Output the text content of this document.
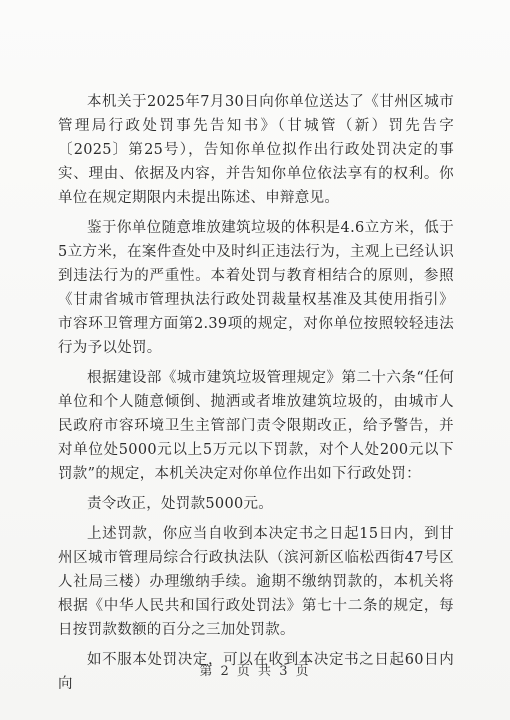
本机关于2025年7月30日向你单位送达了《甘州区城市管理局行政处罚事先告知书》（甘城管（新）罚先告字〔2025〕第25号），告知你单位拟作出行政处罚决定的事实、理由、依据及内容，并告知你单位依法享有的权利。你单位在规定期限内未提出陈述、申辩意见。

鉴于你单位随意堆放建筑垃圾的体积是4.6立方米，低于5立方米，在案件查处中及时纠正违法行为，主观上已经认识到违法行为的严重性。本着处罚与教育相结合的原则，参照《甘肃省城市管理执法行政处罚裁量权基准及其使用指引》市容环卫管理方面第2.39项的规定，对你单位按照较轻违法行为予以处罚。

根据建设部《城市建筑垃圾管理规定》第二十六条“任何单位和个人随意倾倒、抛洒或者堆放建筑垃圾的，由城市人民政府市容环境卫生主管部门责令限期改正，给予警告，并对单位处5000元以上5万元以下罚款，对个人处200元以下罚款”的规定，本机关决定对你单位作出如下行政处罚：

责令改正，处罚款5000元。

上述罚款，你应当自收到本决定书之日起15日内，到甘州区城市管理局综合行政执法队（滨河新区临松西街47号区人社局三楼）办理缴纳手续。逾期不缴纳罚款的，本机关将根据《中华人民共和国行政处罚法》第七十二条的规定，每日按罚款数额的百分之三加处罚款。

如不服本处罚决定，可以在收到本决定书之日起60日内向

第 2 页 共 3 页
